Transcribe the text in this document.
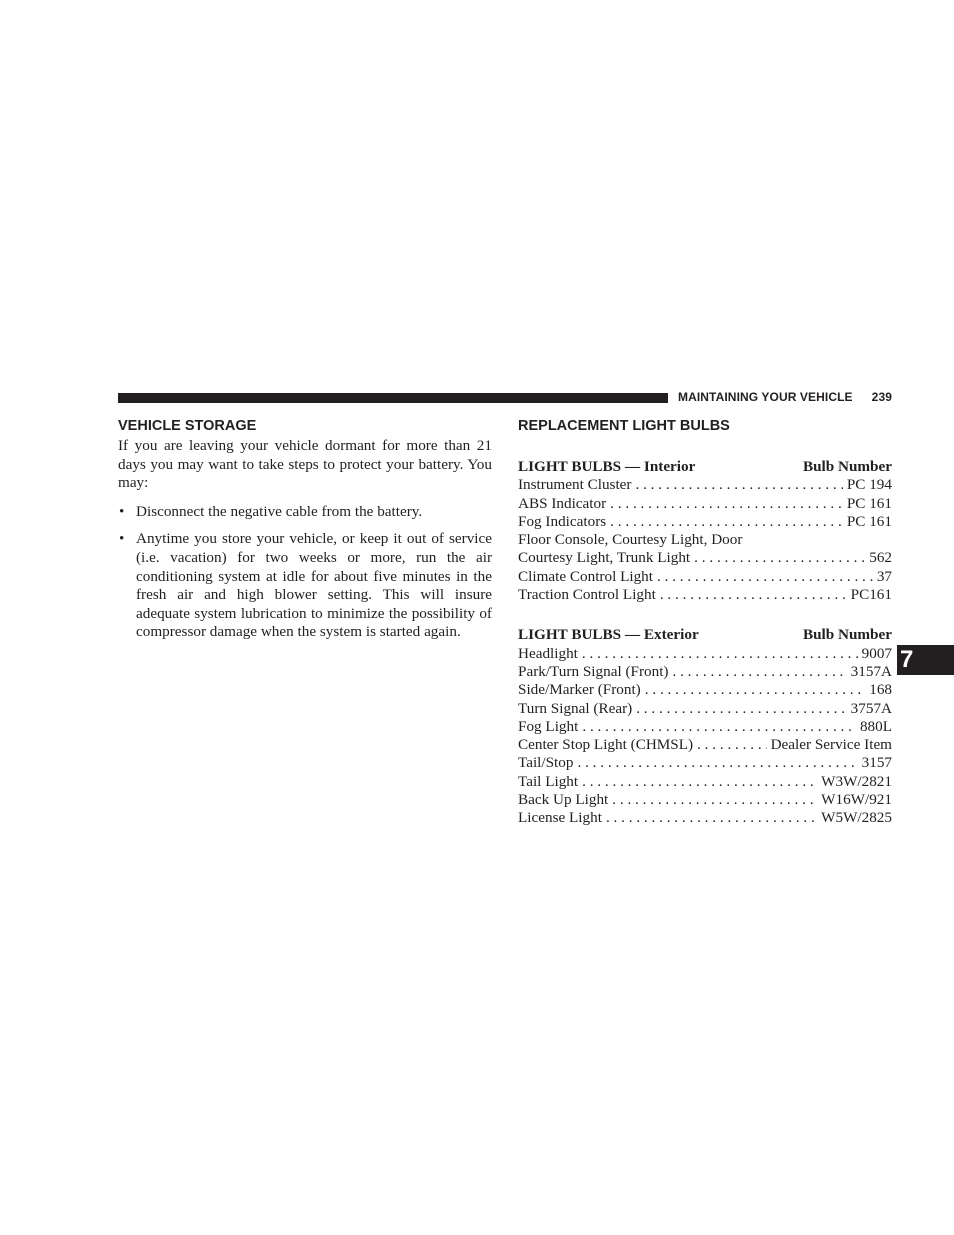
MAINTAINING YOUR VEHICLE 239
7
VEHICLE STORAGE

If you are leaving your vehicle dormant for more than 21 days you may want to take steps to protect your battery. You may:

• Disconnect the negative cable from the battery.
• Anytime you store your vehicle, or keep it out of service (i.e. vacation) for two weeks or more, run the air conditioning system at idle for about five minutes in the fresh air and high blower setting. This will insure adequate system lubrication to minimize the possibility of compressor damage when the system is started again.
REPLACEMENT LIGHT BULBS
LIGHT BULBS — Interior	Bulb Number
Instrument Cluster . . .	PC 194
ABS Indicator . . .	PC 161
Fog Indicators . . .	PC 161
Floor Console, Courtesy Light, Door
Courtesy Light, Trunk Light . . .	562
Climate Control Light . . .	37
Traction Control Light . . .	PC161
LIGHT BULBS — Exterior	Bulb Number
Headlight . . .	9007
Park/Turn Signal (Front) . . .	3157A
Side/Marker (Front) . . .	168
Turn Signal (Rear) . . .	3757A
Fog Light . . .	880L
Center Stop Light (CHMSL) . . .	Dealer Service Item
Tail/Stop . . .	3157
Tail Light . . .	W3W/2821
Back Up Light . . .	W16W/921
License Light . . .	W5W/2825
